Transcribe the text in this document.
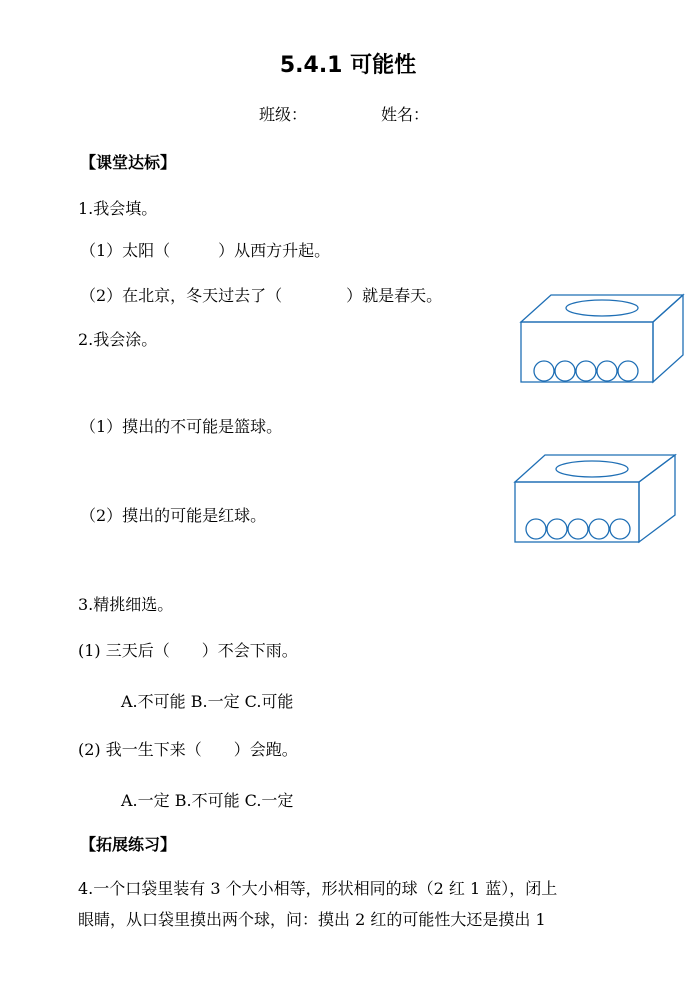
5.4.1 可能性
班级：	姓名：
【课堂达标】
1.我会填。
（1）太阳（　　　）从西方升起。
（2）在北京，冬天过去了（　　　　）就是春天。
2.我会涂。
（1）摸出的不可能是篮球。
（2）摸出的可能是红球。
3.精挑细选。
(1) 三天后（　　）不会下雨。
A.不可能 B.一定 C.可能
(2) 我一生下来（　　）会跑。
A.一定 B.不可能 C.一定
【拓展练习】
4.一个口袋里装有 3 个大小相等，形状相同的球（2 红 1 蓝），闭上
眼睛，从口袋里摸出两个球，问：摸出 2 红的可能性大还是摸出 1
